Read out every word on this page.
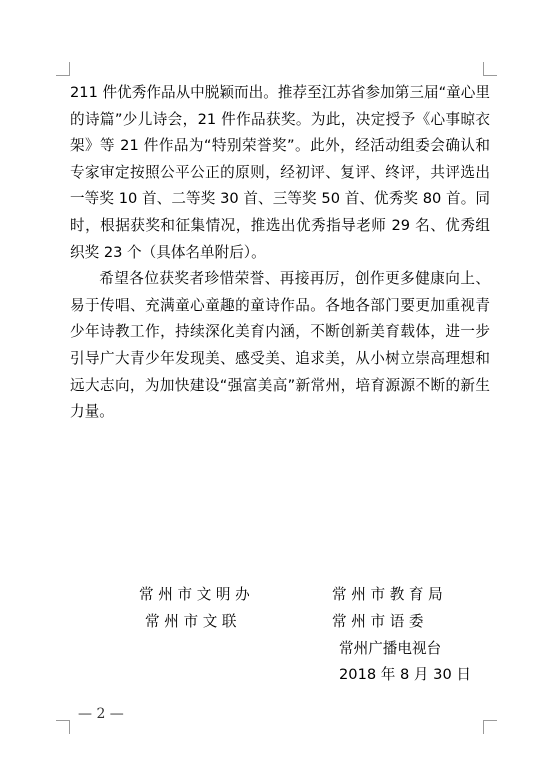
211 件优秀作品从中脱颖而出。推荐至江苏省参加第三届“童心里的诗篇”少儿诗会，21 件作品获奖。为此，决定授予《心事晾衣架》等 21 件作品为“特别荣誉奖”。此外，经活动组委会确认和专家审定按照公平公正的原则，经初评、复评、终评，共评选出一等奖 10 首、二等奖 30 首、三等奖 50 首、优秀奖 80 首。同时，根据获奖和征集情况，推选出优秀指导老师 29 名、优秀组织奖 23 个（具体名单附后）。

希望各位获奖者珍惜荣誉、再接再厉，创作更多健康向上、易于传唱、充满童心童趣的童诗作品。各地各部门要更加重视青少年诗教工作，持续深化美育内涵，不断创新美育载体，进一步引导广大青少年发现美、感受美、追求美，从小树立崇高理想和远大志向，为加快建设“强富美高”新常州，培育源源不断的新生力量。

常 州 市 文 明 办	常 州 市 教 育 局
常 州 市 文 联	常 州 市 语 委
常州广播电视台
2018 年 8 月 30 日
— 2 —
